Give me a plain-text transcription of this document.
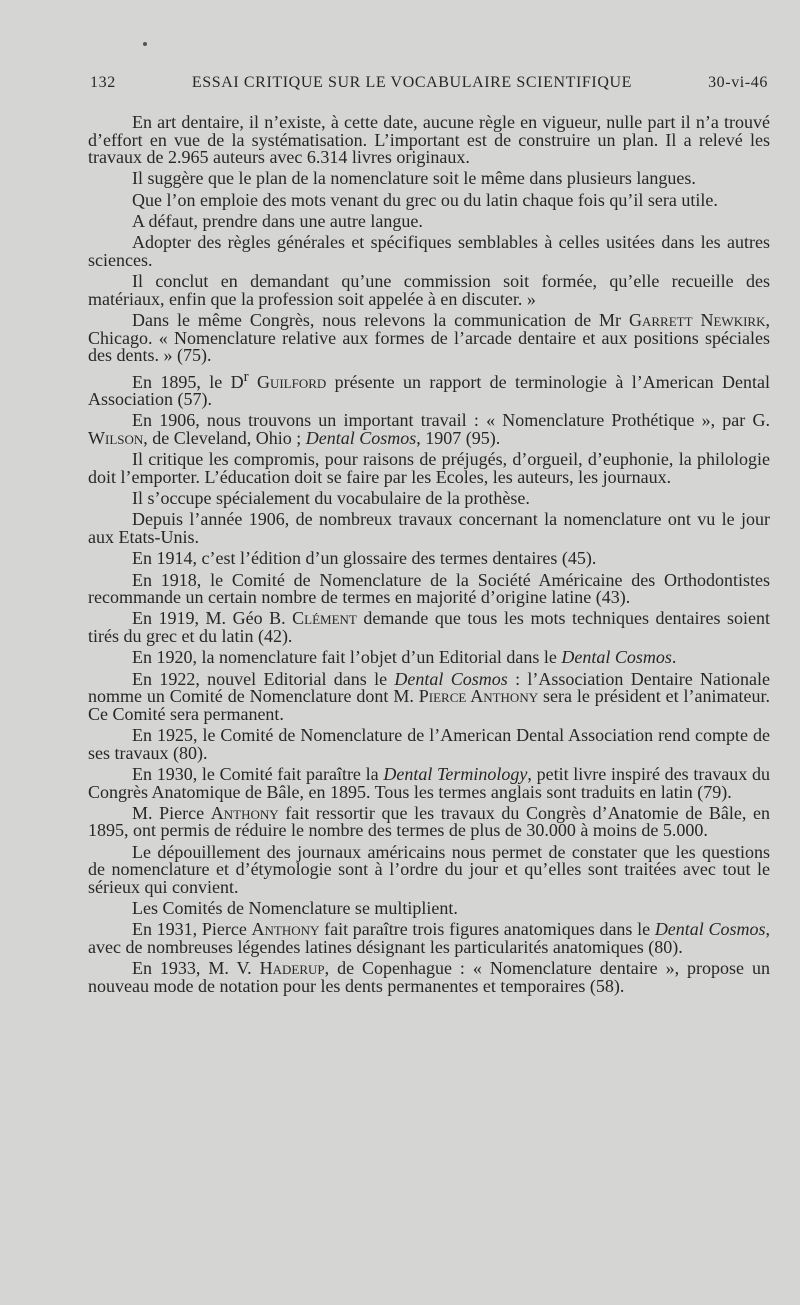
132	ESSAI CRITIQUE SUR LE VOCABULAIRE SCIENTIFIQUE	30-vi-46

En art dentaire, il n’existe, à cette date, aucune règle en vigueur, nulle part il n’a trouvé d’effort en vue de la systématisation. L’important est de construire un plan. Il a relevé les travaux de 2.965 auteurs avec 6.314 livres originaux.

Il suggère que le plan de la nomenclature soit le même dans plusieurs langues.

Que l’on emploie des mots venant du grec ou du latin chaque fois qu’il sera utile.

A défaut, prendre dans une autre langue.

Adopter des règles générales et spécifiques semblables à celles usitées dans les autres sciences.

Il conclut en demandant qu’une commission soit formée, qu’elle recueille des matériaux, enfin que la profession soit appelée à en discuter. »

Dans le même Congrès, nous relevons la communication de Mr Garrett Newkirk, Chicago. « Nomenclature relative aux formes de l’arcade dentaire et aux positions spéciales des dents. » (75).

En 1895, le $D^r$ Guilford présente un rapport de terminologie à l’American Dental Association (57).

En 1906, nous trouvons un important travail : « Nomenclature Prothétique », par G. Wilson, de Cleveland, Ohio ; Dental Cosmos, 1907 (95).

Il critique les compromis, pour raisons de préjugés, d’orgueil, d’euphonie, la philologie doit l’emporter. L’éducation doit se faire par les Ecoles, les auteurs, les journaux.

Il s’occupe spécialement du vocabulaire de la prothèse.

Depuis l’année 1906, de nombreux travaux concernant la nomenclature ont vu le jour aux Etats-Unis.

En 1914, c’est l’édition d’un glossaire des termes dentaires (45).

En 1918, le Comité de Nomenclature de la Société Américaine des Orthodontistes recommande un certain nombre de termes en majorité d’origine latine (43).

En 1919, M. Géo B. Clément demande que tous les mots techniques dentaires soient tirés du grec et du latin (42).

En 1920, la nomenclature fait l’objet d’un Editorial dans le Dental Cosmos.

En 1922, nouvel Editorial dans le Dental Cosmos : l’Association Dentaire Nationale nomme un Comité de Nomenclature dont M. Pierce Anthony sera le président et l’animateur. Ce Comité sera permanent.

En 1925, le Comité de Nomenclature de l’American Dental Association rend compte de ses travaux (80).

En 1930, le Comité fait paraître la Dental Terminology, petit livre inspiré des travaux du Congrès Anatomique de Bâle, en 1895. Tous les termes anglais sont traduits en latin (79).

M. Pierce Anthony fait ressortir que les travaux du Congrès d’Anatomie de Bâle, en 1895, ont permis de réduire le nombre des termes de plus de 30.000 à moins de 5.000.

Le dépouillement des journaux américains nous permet de constater que les questions de nomenclature et d’étymologie sont à l’ordre du jour et qu’elles sont traitées avec tout le sérieux qui convient.

Les Comités de Nomenclature se multiplient.

En 1931, Pierce Anthony fait paraître trois figures anatomiques dans le Dental Cosmos, avec de nombreuses légendes latines désignant les particularités anatomiques (80).

En 1933, M. V. Haderup, de Copenhague : « Nomenclature dentaire », propose un nouveau mode de notation pour les dents permanentes et temporaires (58).
